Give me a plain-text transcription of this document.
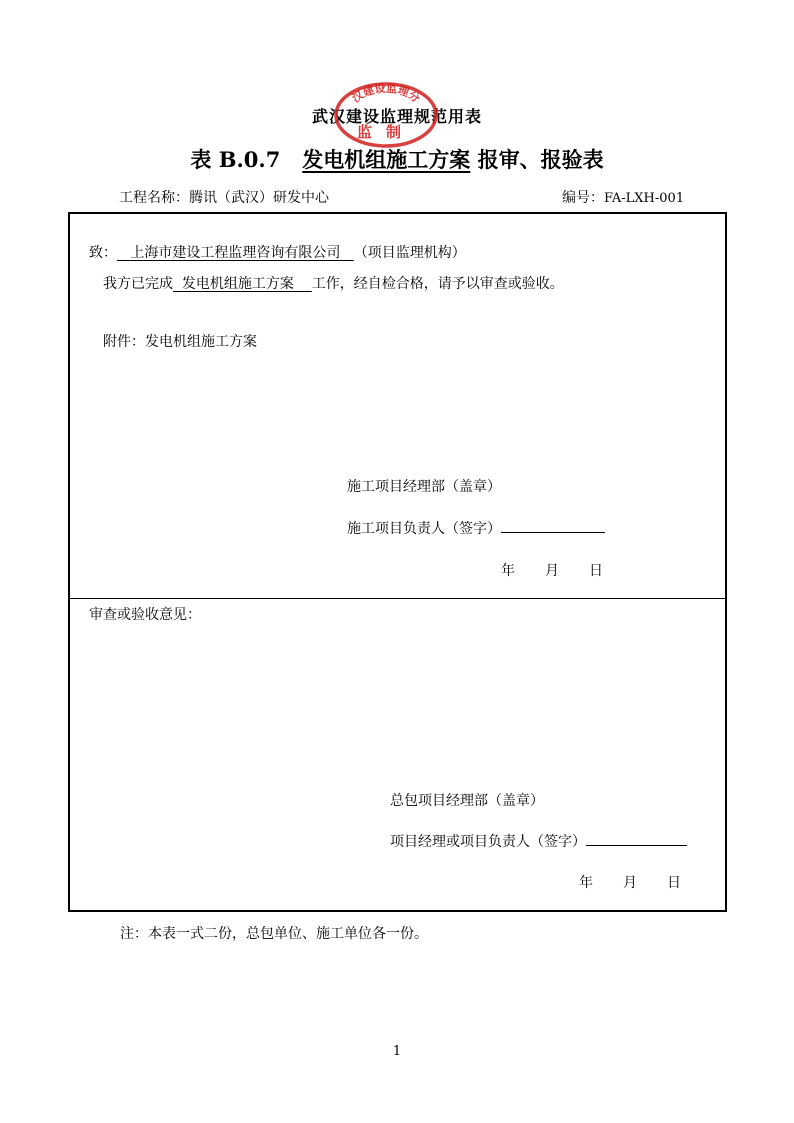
武汉建设监理规范用表
汉建设监理分
监制
表 B.0.7 发电机组施工方案 报审、报验表
工程名称：腾讯（武汉）研发中心	编号：FA-LXH-001
致： 上海市建设工程监理咨询有限公司 （项目监理机构）
我方已完成 发电机组施工方案 工作，经自检合格，请予以审查或验收。
附件：发电机组施工方案
施工项目经理部（盖章）
施工项目负责人（签字）
年 月 日
审查或验收意见：
总包项目经理部（盖章）
项目经理或项目负责人（签字）
年 月 日
注：本表一式二份，总包单位、施工单位各一份。
1
